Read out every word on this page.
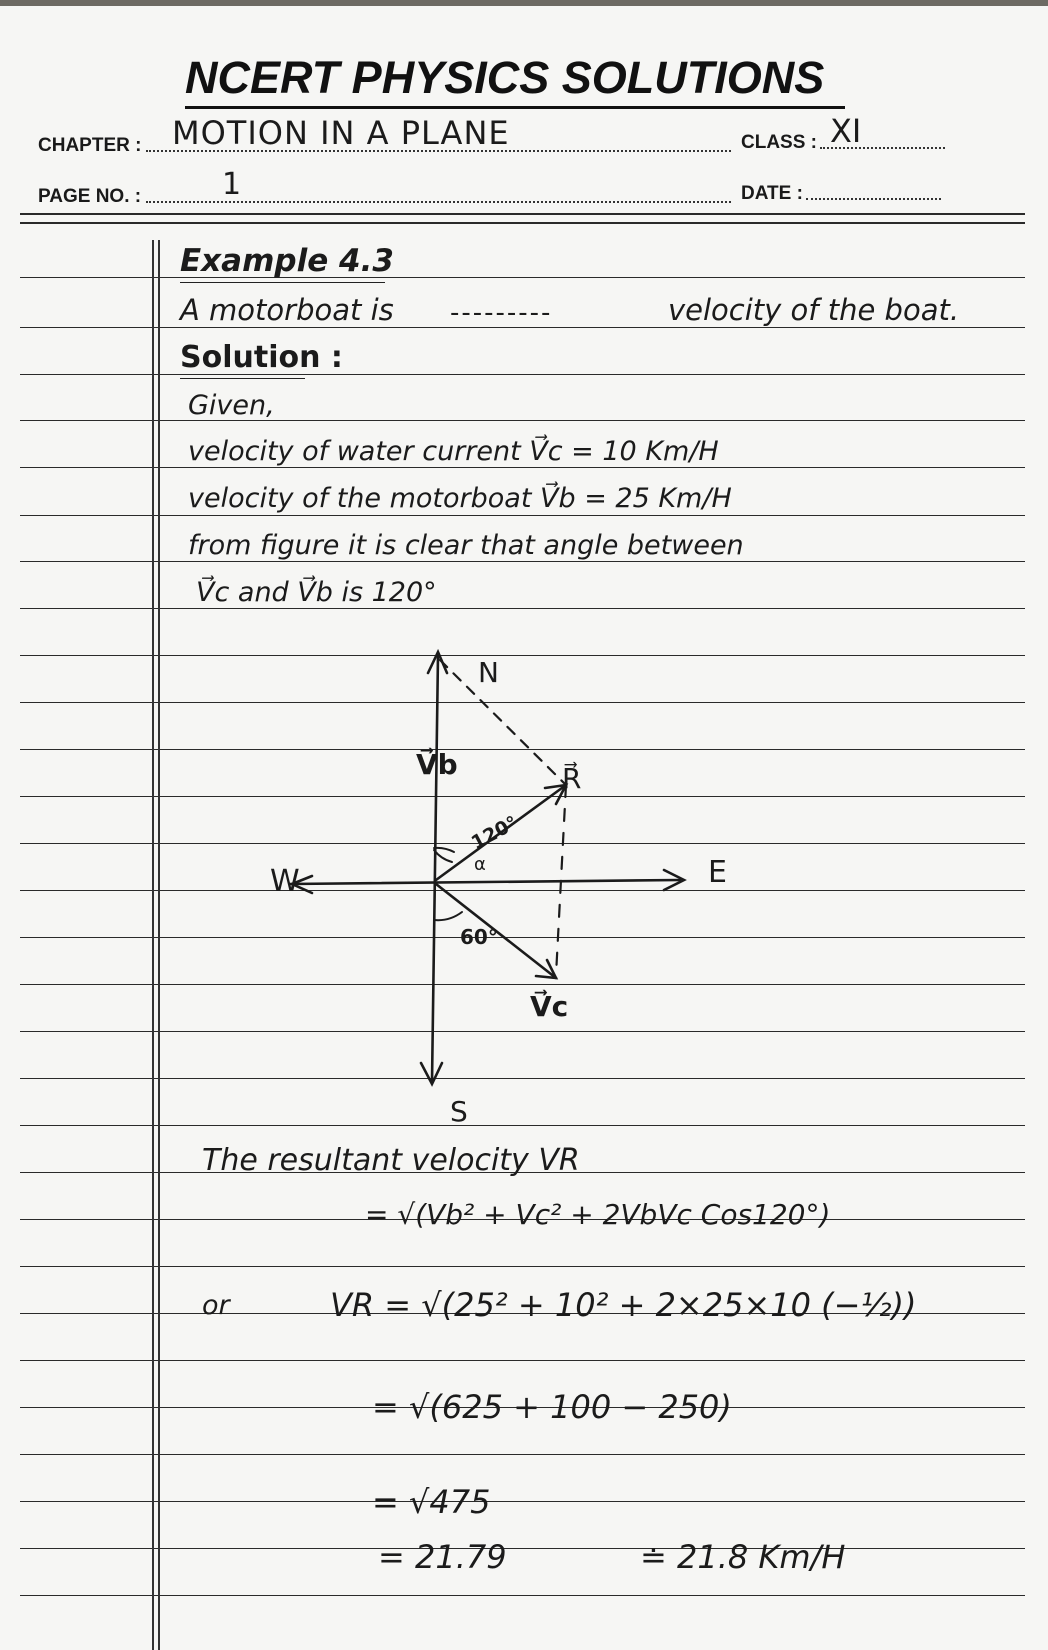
NCERT PHYSICS SOLUTIONS
CHAPTER : MOTION IN A PLANE	CLASS : XI
PAGE NO. :	1	DATE :
Example 4.3
A motorboat is ---------	velocity of the boat.
Solution :
Given,
velocity of water current V⃗c = 10 Km/H
velocity of the motorboat V⃗b = 25 Km/H
from figure it is clear that angle between
V⃗c and V⃗b is 120°
N
S
E
W
V⃗b	R⃗
V⃗c
120°
60°
α
The resultant velocity VR
= √(Vb² + Vc² + 2VbVc Cos120°)
or	VR = √(25² + 10² + 2×25×10 (−½))
= √(625 + 100 − 250)
= √475
= 21.79	≐ 21.8 Km/H
